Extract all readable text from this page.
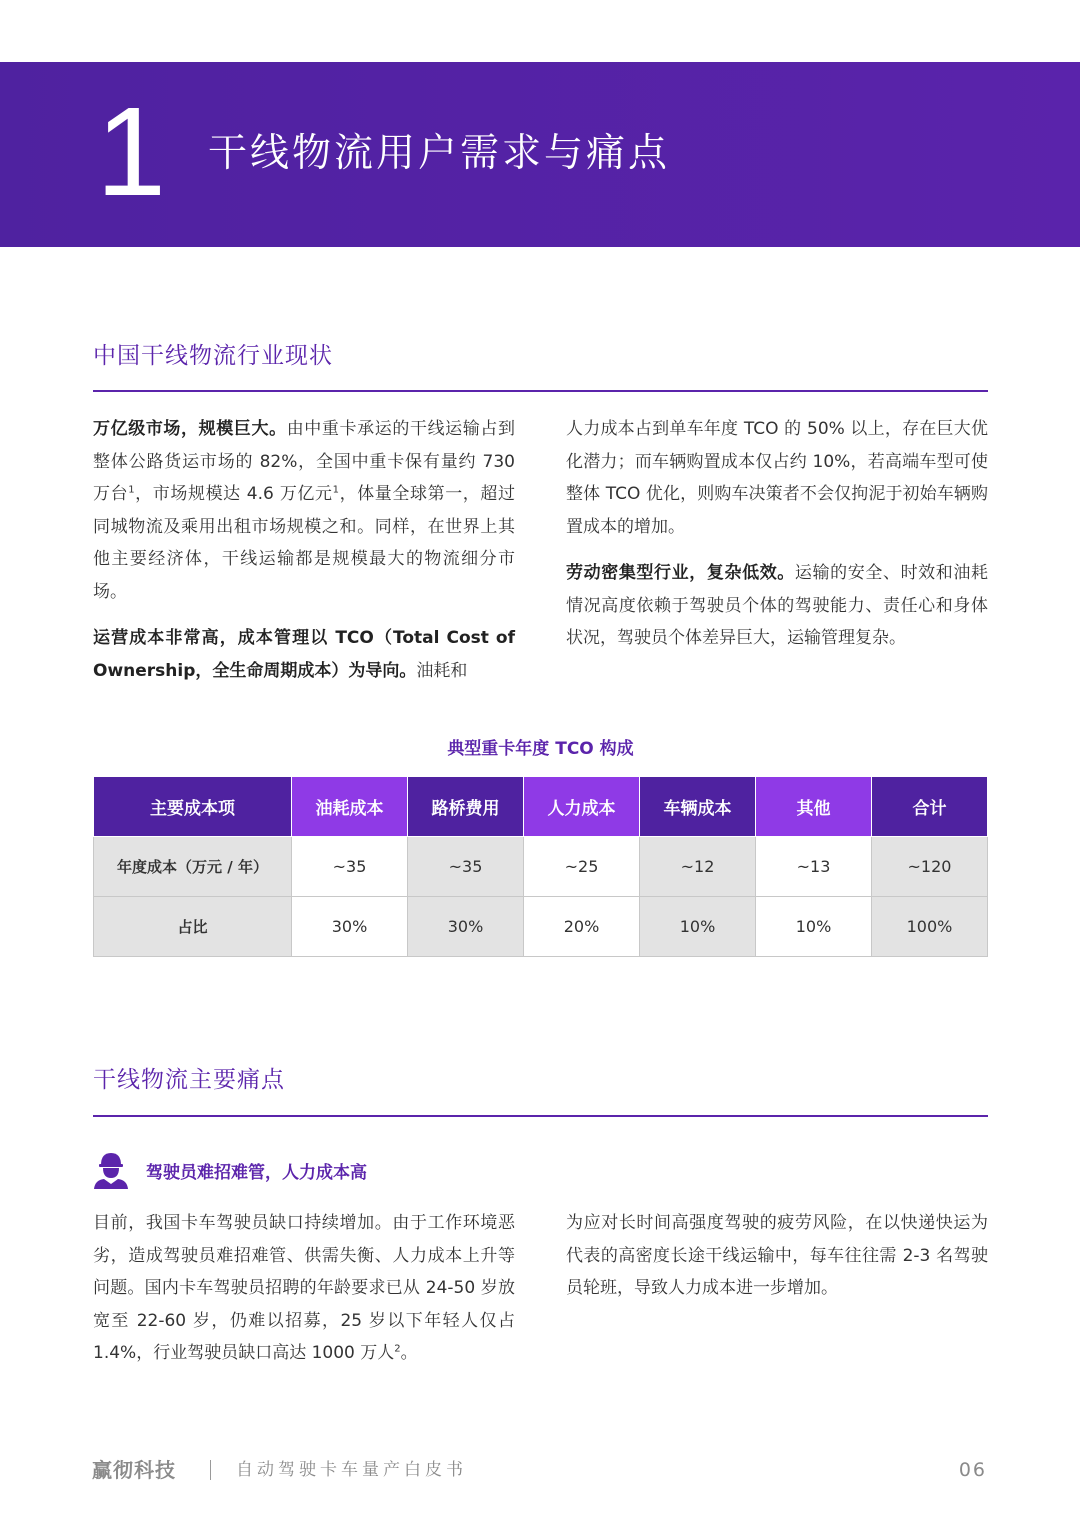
1 干线物流用户需求与痛点
中国干线物流行业现状

万亿级市场，规模巨大。由中重卡承运的干线运输占到整体公路货运市场的 82%，全国中重卡保有量约 730 万台$^1$，市场规模达 4.6 万亿元$^1$，体量全球第一，超过同城物流及乘用出租市场规模之和。同样，在世界上其他主要经济体，干线运输都是规模最大的物流细分市场。

运营成本非常高，成本管理以 TCO（Total Cost of Ownership，全生命周期成本）为导向。油耗和

人力成本占到单车年度 TCO 的 50% 以上，存在巨大优化潜力；而车辆购置成本仅占约 10%，若高端车型可使整体 TCO 优化，则购车决策者不会仅拘泥于初始车辆购置成本的增加。

劳动密集型行业，复杂低效。运输的安全、时效和油耗情况高度依赖于驾驶员个体的驾驶能力、责任心和身体状况，驾驶员个体差异巨大，运输管理复杂。

典型重卡年度 TCO 构成
主要成本项	油耗成本	路桥费用	人力成本	车辆成本	其他	合计
年度成本（万元 / 年）	~35	~35	~25	~12	~13	~120
占比	30%	30%	20%	10%	10%	100%
干线物流主要痛点
驾驶员难招难管，人力成本高

目前，我国卡车驾驶员缺口持续增加。由于工作环境恶劣，造成驾驶员难招难管、供需失衡、人力成本上升等问题。国内卡车驾驶员招聘的年龄要求已从 24-50 岁放宽至 22-60 岁，仍难以招募，25 岁以下年轻人仅占 1.4%，行业驾驶员缺口高达 1000 万人$^2$。

为应对长时间高强度驾驶的疲劳风险，在以快递快运为代表的高密度长途干线运输中，每车往往需 2-3 名驾驶员轮班，导致人力成本进一步增加。

赢彻科技	自动驾驶卡车量产白皮书	06
